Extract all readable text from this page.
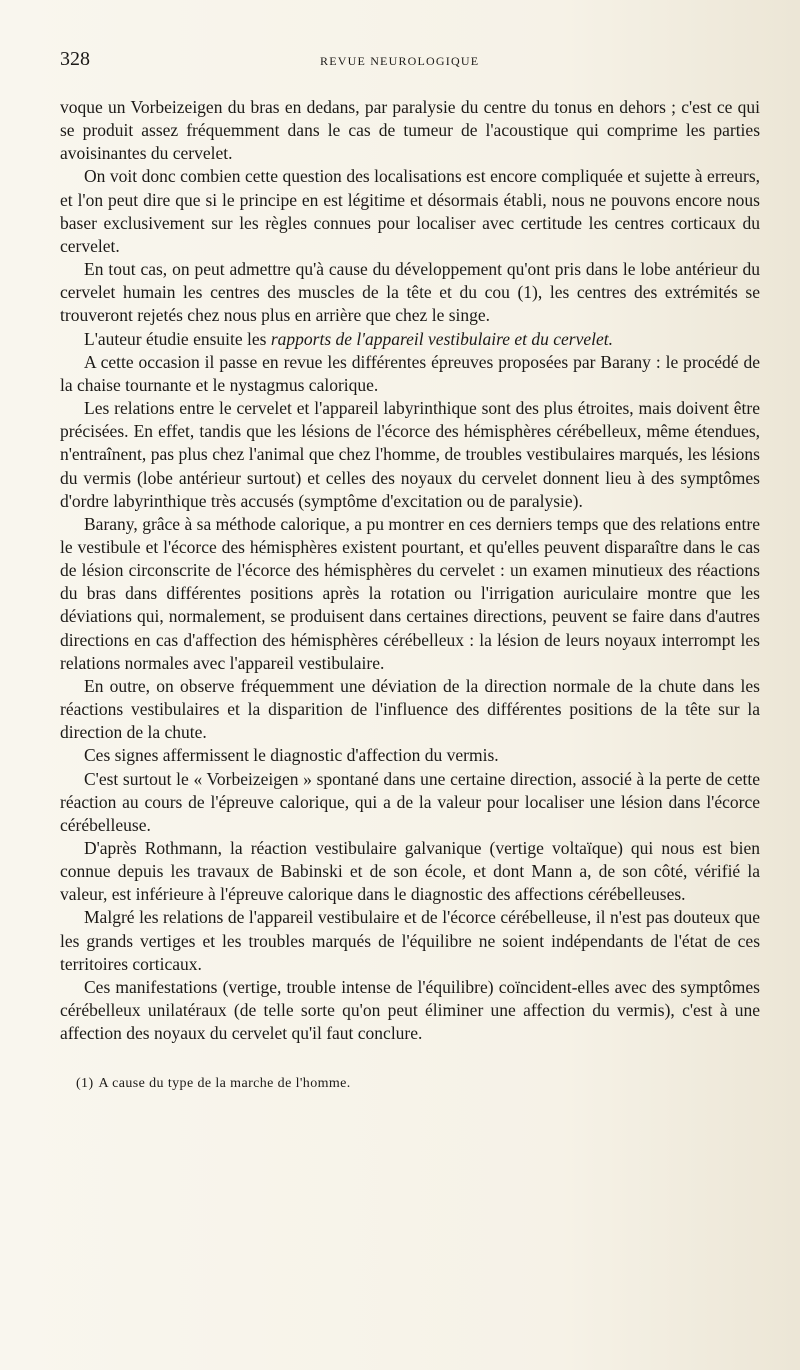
328	REVUE NEUROLOGIQUE

voque un Vorbeizeigen du bras en dedans, par paralysie du centre du tonus en dehors ; c'est ce qui se produit assez fréquemment dans le cas de tumeur de l'acoustique qui comprime les parties avoisinantes du cervelet.

On voit donc combien cette question des localisations est encore compliquée et sujette à erreurs, et l'on peut dire que si le principe en est légitime et désormais établi, nous ne pouvons encore nous baser exclusivement sur les règles connues pour localiser avec certitude les centres corticaux du cervelet.

En tout cas, on peut admettre qu'à cause du développement qu'ont pris dans le lobe antérieur du cervelet humain les centres des muscles de la tête et du cou (1), les centres des extrémités se trouveront rejetés chez nous plus en arrière que chez le singe.

L'auteur étudie ensuite les rapports de l'appareil vestibulaire et du cervelet.

A cette occasion il passe en revue les différentes épreuves proposées par Barany : le procédé de la chaise tournante et le nystagmus calorique.

Les relations entre le cervelet et l'appareil labyrinthique sont des plus étroites, mais doivent être précisées. En effet, tandis que les lésions de l'écorce des hémisphères cérébelleux, même étendues, n'entraînent, pas plus chez l'animal que chez l'homme, de troubles vestibulaires marqués, les lésions du vermis (lobe antérieur surtout) et celles des noyaux du cervelet donnent lieu à des symptômes d'ordre labyrinthique très accusés (symptôme d'excitation ou de paralysie).

Barany, grâce à sa méthode calorique, a pu montrer en ces derniers temps que des relations entre le vestibule et l'écorce des hémisphères existent pourtant, et qu'elles peuvent disparaître dans le cas de lésion circonscrite de l'écorce des hémisphères du cervelet : un examen minutieux des réactions du bras dans différentes positions après la rotation ou l'irrigation auriculaire montre que les déviations qui, normalement, se produisent dans certaines directions, peuvent se faire dans d'autres directions en cas d'affection des hémisphères cérébelleux : la lésion de leurs noyaux interrompt les relations normales avec l'appareil vestibulaire.

En outre, on observe fréquemment une déviation de la direction normale de la chute dans les réactions vestibulaires et la disparition de l'influence des différentes positions de la tête sur la direction de la chute.

Ces signes affermissent le diagnostic d'affection du vermis.

C'est surtout le « Vorbeizeigen » spontané dans une certaine direction, associé à la perte de cette réaction au cours de l'épreuve calorique, qui a de la valeur pour localiser une lésion dans l'écorce cérébelleuse.

D'après Rothmann, la réaction vestibulaire galvanique (vertige voltaïque) qui nous est bien connue depuis les travaux de Babinski et de son école, et dont Mann a, de son côté, vérifié la valeur, est inférieure à l'épreuve calorique dans le diagnostic des affections cérébelleuses.

Malgré les relations de l'appareil vestibulaire et de l'écorce cérébelleuse, il n'est pas douteux que les grands vertiges et les troubles marqués de l'équilibre ne soient indépendants de l'état de ces territoires corticaux.

Ces manifestations (vertige, trouble intense de l'équilibre) coïncident-elles avec des symptômes cérébelleux unilatéraux (de telle sorte qu'on peut éliminer une affection du vermis), c'est à une affection des noyaux du cervelet qu'il faut conclure.

(1) A cause du type de la marche de l'homme.
